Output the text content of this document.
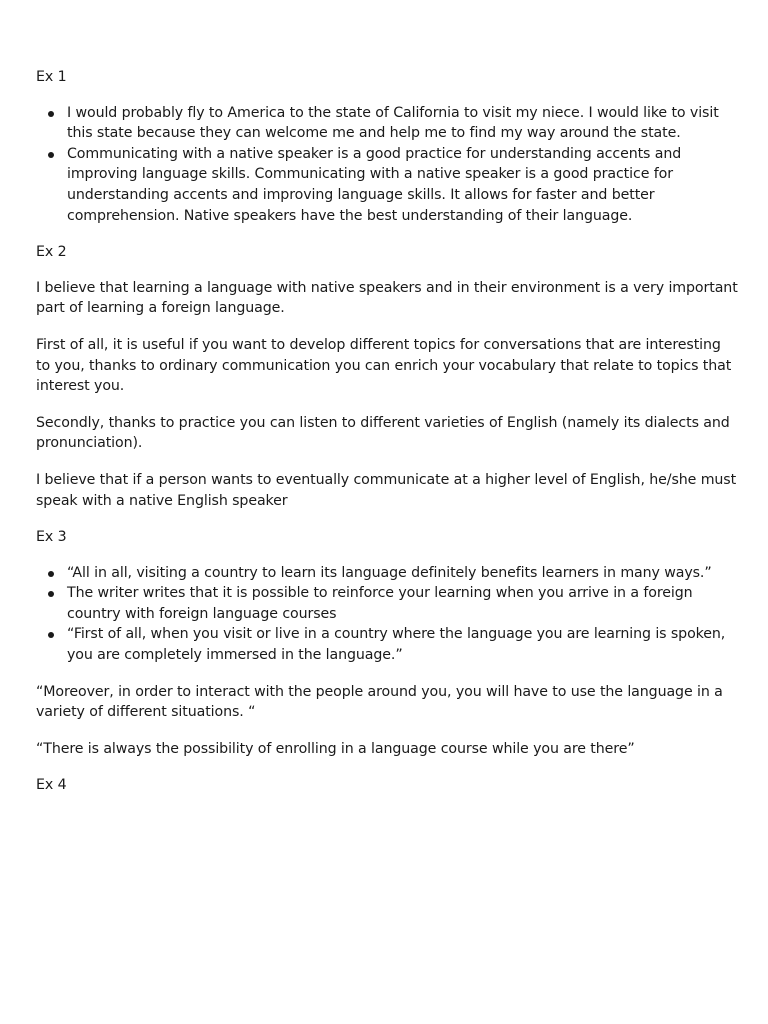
Ex 1
I would probably fly to America to the state of California to visit my niece. I would like to visit this state because they can welcome me and help me to find my way around the state.
Communicating with a native speaker is a good practice for understanding accents and improving language skills. Communicating with a native speaker is a good practice for understanding accents and improving language skills. It allows for faster and better comprehension. Native speakers have the best understanding of their language.
Ex 2

I believe that learning a language with native speakers and in their environment is a very important part of learning a foreign language.

First of all, it is useful if you want to develop different topics for conversations that are interesting to you, thanks to ordinary communication you can enrich your vocabulary that relate to topics that interest you.

Secondly, thanks to practice you can listen to different varieties of English (namely its dialects and pronunciation).

I believe that if a person wants to eventually communicate at a higher level of English, he/she must speak with a native English speaker

Ex 3
“All in all, visiting a country to learn its language definitely benefits learners in many ways.”
The writer writes that it is possible to reinforce your learning when you arrive in a foreign country with foreign language courses
“First of all, when you visit or live in a country where the language you are learning is spoken, you are completely immersed in the language.”

“Moreover, in order to interact with the people around you, you will have to use the language in a variety of different situations. “

“There is always the possibility of enrolling in a language course while you are there”

Ex 4
